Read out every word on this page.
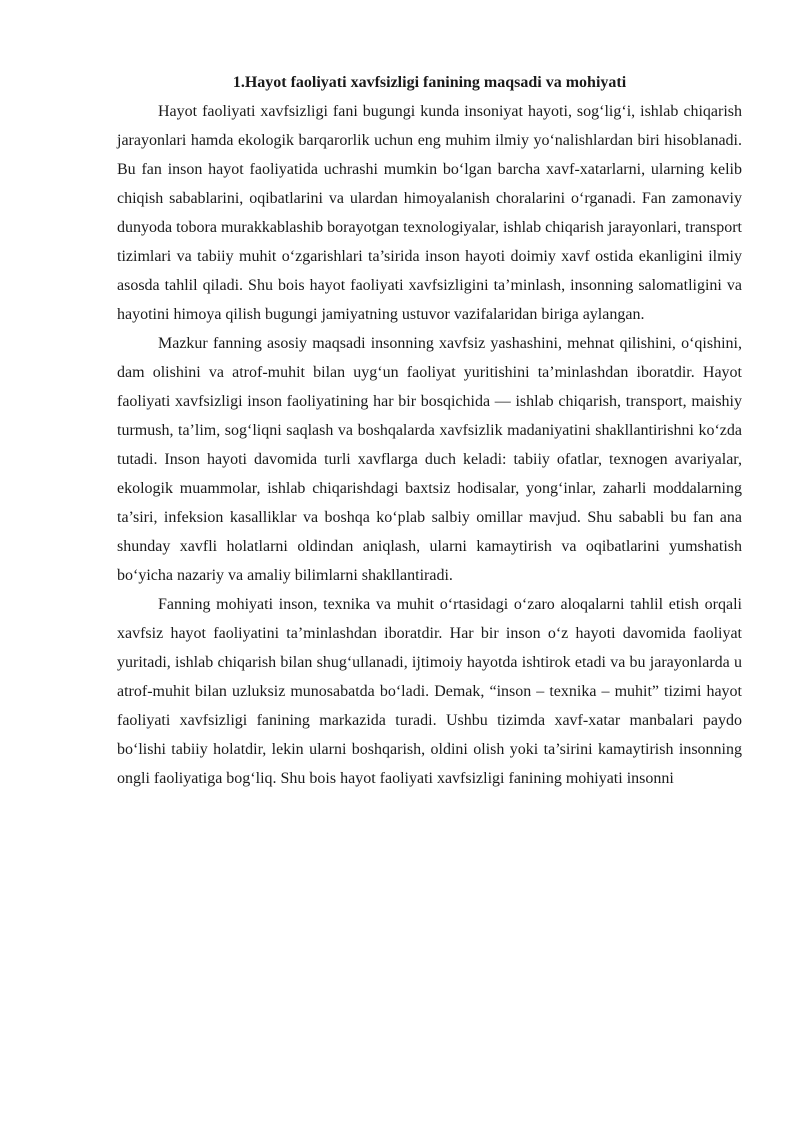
1.Hayot faoliyati xavfsizligi fanining maqsadi va mohiyati

Hayot faoliyati xavfsizligi fani bugungi kunda insoniyat hayoti, sog‘lig‘i, ishlab chiqarish jarayonlari hamda ekologik barqarorlik uchun eng muhim ilmiy yo‘nalishlardan biri hisoblanadi. Bu fan inson hayot faoliyatida uchrashi mumkin bo‘lgan barcha xavf-xatarlarni, ularning kelib chiqish sabablarini, oqibatlarini va ulardan himoyalanish choralarini o‘rganadi. Fan zamonaviy dunyoda tobora murakkablashib borayotgan texnologiyalar, ishlab chiqarish jarayonlari, transport tizimlari va tabiiy muhit o‘zgarishlari ta’sirida inson hayoti doimiy xavf ostida ekanligini ilmiy asosda tahlil qiladi. Shu bois hayot faoliyati xavfsizligini ta’minlash, insonning salomatligini va hayotini himoya qilish bugungi jamiyatning ustuvor vazifalaridan biriga aylangan.

Mazkur fanning asosiy maqsadi insonning xavfsiz yashashini, mehnat qilishini, o‘qishini, dam olishini va atrof-muhit bilan uyg‘un faoliyat yuritishini ta’minlashdan iboratdir. Hayot faoliyati xavfsizligi inson faoliyatining har bir bosqichida — ishlab chiqarish, transport, maishiy turmush, ta’lim, sog‘liqni saqlash va boshqalarda xavfsizlik madaniyatini shakllantirishni ko‘zda tutadi. Inson hayoti davomida turli xavflarga duch keladi: tabiiy ofatlar, texnogen avariyalar, ekologik muammolar, ishlab chiqarishdagi baxtsiz hodisalar, yong‘inlar, zaharli moddalarning ta’siri, infeksion kasalliklar va boshqa ko‘plab salbiy omillar mavjud. Shu sababli bu fan ana shunday xavfli holatlarni oldindan aniqlash, ularni kamaytirish va oqibatlarini yumshatish bo‘yicha nazariy va amaliy bilimlarni shakllantiradi.

Fanning mohiyati inson, texnika va muhit o‘rtasidagi o‘zaro aloqalarni tahlil etish orqali xavfsiz hayot faoliyatini ta’minlashdan iboratdir. Har bir inson o‘z hayoti davomida faoliyat yuritadi, ishlab chiqarish bilan shug‘ullanadi, ijtimoiy hayotda ishtirok etadi va bu jarayonlarda u atrof-muhit bilan uzluksiz munosabatda bo‘ladi. Demak, “inson – texnika – muhit” tizimi hayot faoliyati xavfsizligi fanining markazida turadi. Ushbu tizimda xavf-xatar manbalari paydo bo‘lishi tabiiy holatdir, lekin ularni boshqarish, oldini olish yoki ta’sirini kamaytirish insonning ongli faoliyatiga bog‘liq. Shu bois hayot faoliyati xavfsizligi fanining mohiyati insonni
